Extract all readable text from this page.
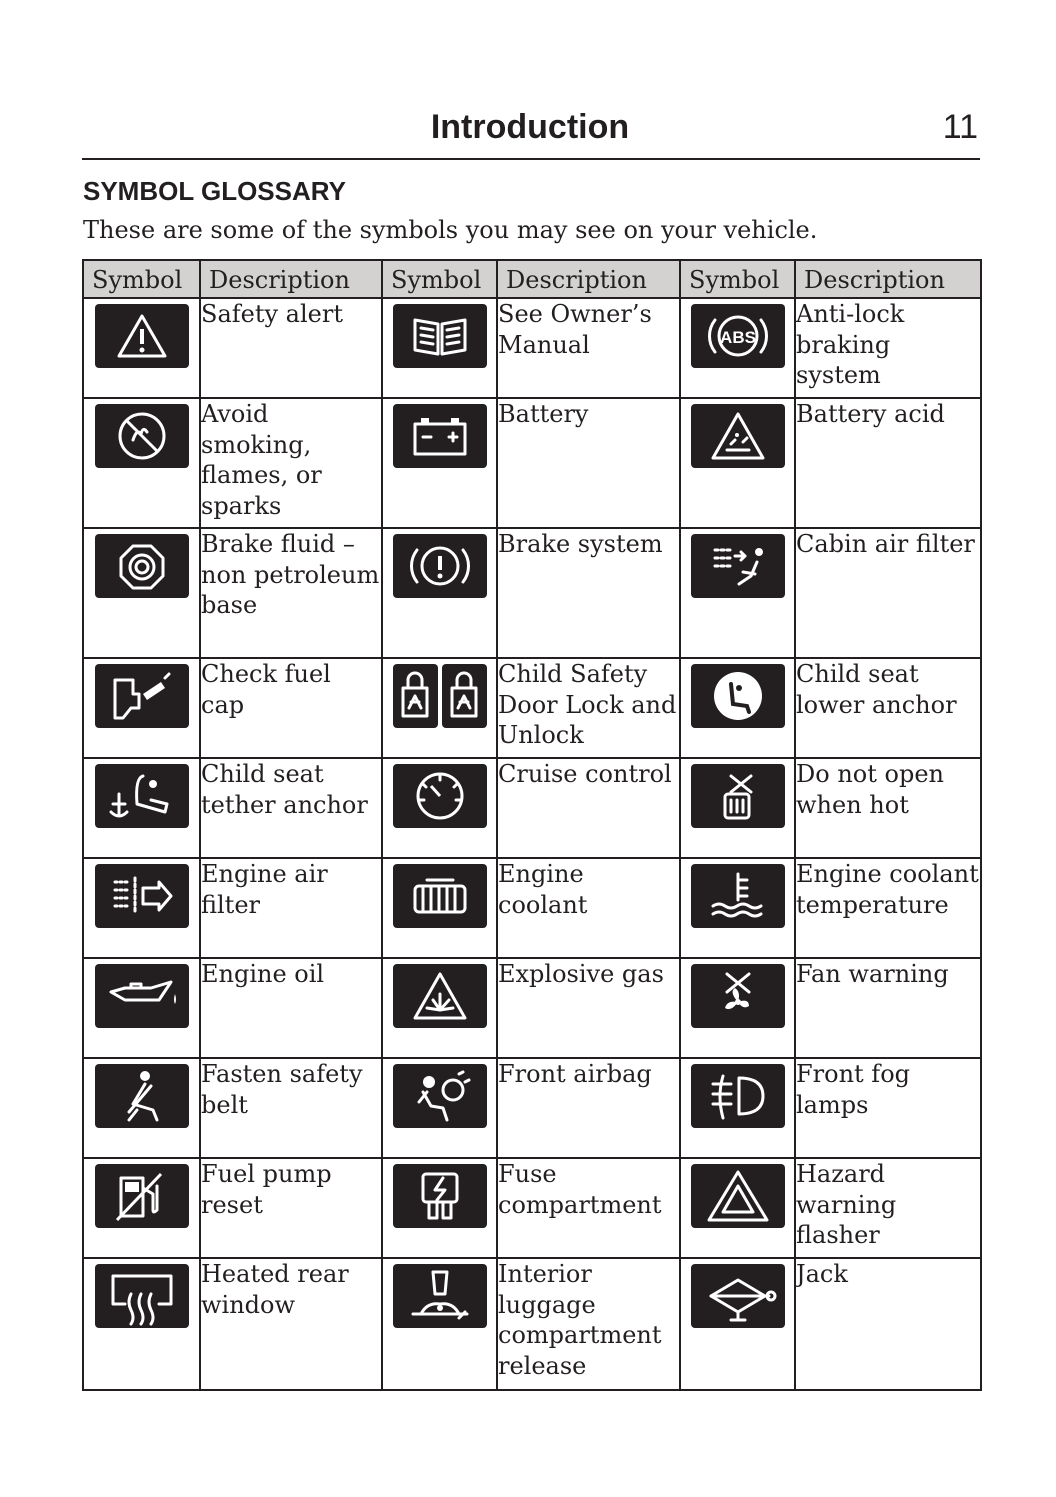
Introduction	11
SYMBOL GLOSSARY
These are some of the symbols you may see on your vehicle.
Symbol	Description	Symbol	Description	Symbol	Description

	Safety alert		See Owner’s Manual	ABS	Anti-lock braking system

	Avoid smoking, flames, or sparks		Battery		Battery acid

	Brake fluid – non petroleum base		Brake system		Cabin air filter

	Check fuel cap		Child Safety Door Lock and Unlock		Child seat lower anchor

	Child seat tether anchor		Cruise control		Do not open when hot

	Engine air filter		Engine coolant		Engine coolant temperature

	Engine oil		Explosive gas		Fan warning

	Fasten safety belt		Front airbag		Front fog lamps

	Fuel pump reset		Fuse compartment		Hazard warning flasher

	Heated rear window		Interior luggage compartment release		Jack
